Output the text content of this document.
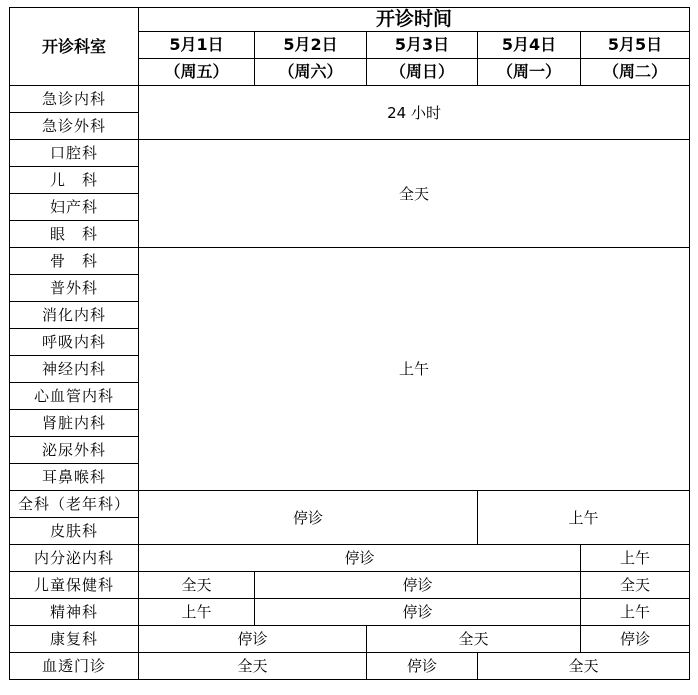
开诊科室	开诊时间				
	5月1日	5月2日	5月3日	5月4日	5月5日
	（周五）	（周六）	（周日）	（周一）	（周二）
急诊内科	24 小时				
急诊外科					
口腔科	全天				
儿　科					
妇产科					
眼　科					
骨　科	上午				
普外科					
消化内科					
呼吸内科					
神经内科					
心血管内科					
肾脏内科					
泌尿外科					
耳鼻喉科					
全科（老年科）	停诊			上午	
皮肤科					
内分泌内科	停诊				上午
儿童保健科	全天	停诊			全天
精神科	上午	停诊			上午
康复科	停诊		全天		停诊
血透门诊	全天		停诊	全天	
